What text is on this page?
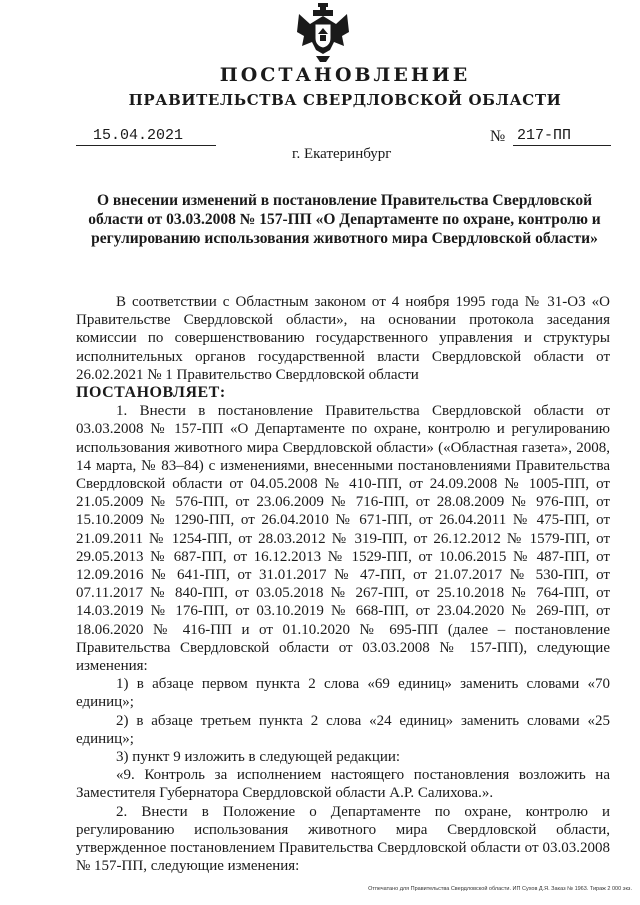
ПОСТАНОВЛЕНИЕ
ПРАВИТЕЛЬСТВА СВЕРДЛОВСКОЙ ОБЛАСТИ
15.04.2021	№ 217-ПП
г. Екатеринбург
О внесении изменений в постановление Правительства Свердловской области от 03.03.2008 № 157-ПП «О Департаменте по охране, контролю и регулированию использования животного мира Свердловской области»

В соответствии с Областным законом от 4 ноября 1995 года № 31-ОЗ «О Правительстве Свердловской области», на основании протокола заседания комиссии по совершенствованию государственного управления и структуры исполнительных органов государственной власти Свердловской области от 26.02.2021 № 1 Правительство Свердловской области

ПОСТАНОВЛЯЕТ:

1. Внести в постановление Правительства Свердловской области от 03.03.2008 № 157-ПП «О Департаменте по охране, контролю и регулированию использования животного мира Свердловской области» («Областная газета», 2008, 14 марта, № 83–84) с изменениями, внесенными постановлениями Правительства Свердловской области от 04.05.2008 № 410-ПП, от 24.09.2008 № 1005-ПП, от 21.05.2009 № 576-ПП, от 23.06.2009 № 716-ПП, от 28.08.2009 № 976-ПП, от 15.10.2009 № 1290-ПП, от 26.04.2010 № 671-ПП, от 26.04.2011 № 475-ПП, от 21.09.2011 № 1254-ПП, от 28.03.2012 № 319-ПП, от 26.12.2012 № 1579-ПП, от 29.05.2013 № 687-ПП, от 16.12.2013 № 1529-ПП, от 10.06.2015 № 487-ПП, от 12.09.2016 № 641-ПП, от 31.01.2017 № 47-ПП, от 21.07.2017 № 530-ПП, от 07.11.2017 № 840-ПП, от 03.05.2018 № 267-ПП, от 25.10.2018 № 764-ПП, от 14.03.2019 № 176-ПП, от 03.10.2019 № 668-ПП, от 23.04.2020 № 269-ПП, от 18.06.2020 № 416-ПП и от 01.10.2020 № 695-ПП (далее – постановление Правительства Свердловской области от 03.03.2008 № 157-ПП), следующие изменения:

1) в абзаце первом пункта 2 слова «69 единиц» заменить словами «70 единиц»;

2) в абзаце третьем пункта 2 слова «24 единиц» заменить словами «25 единиц»;

3) пункт 9 изложить в следующей редакции:

«9. Контроль за исполнением настоящего постановления возложить на Заместителя Губернатора Свердловской области А.Р. Салихова.».

2. Внести в Положение о Департаменте по охране, контролю и регулированию использования животного мира Свердловской области, утвержденное постановлением Правительства Свердловской области от 03.03.2008 № 157-ПП, следующие изменения:

Отпечатано для Правительства Свердловской области. ИП Сухов Д.Я. Заказ № 1963. Тираж 2 000 экз.
